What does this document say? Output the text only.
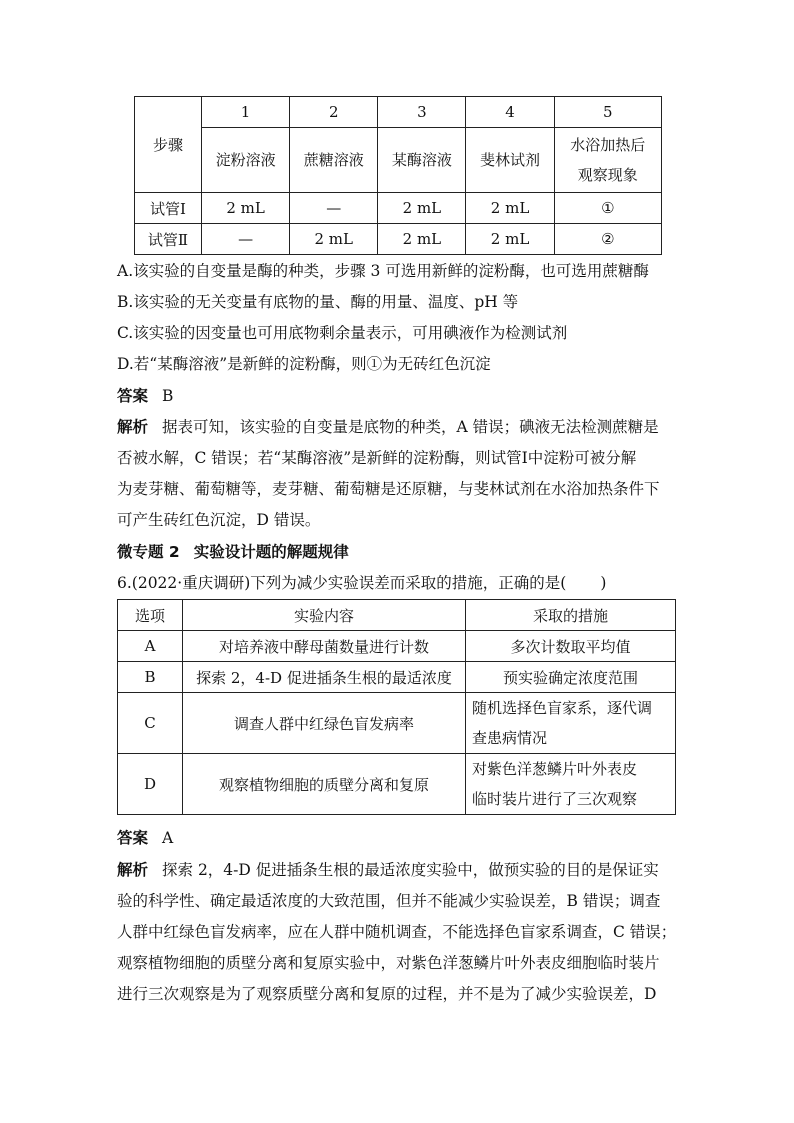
步骤	1	2	3	4	5
	淀粉溶液	蔗糖溶液	某酶溶液	斐林试剂	水浴加热后
观察现象

试管Ⅰ	2 mL	—	2 mL	2 mL	①
试管Ⅱ	—	2 mL	2 mL	2 mL	②
A.该实验的自变量是酶的种类，步骤 3 可选用新鲜的淀粉酶，也可选用蔗糖酶
B.该实验的无关变量有底物的量、酶的用量、温度、pH 等
C.该实验的因变量也可用底物剩余量表示，可用碘液作为检测试剂
D.若“某酶溶液”是新鲜的淀粉酶，则①为无砖红色沉淀
答案 B
解析 据表可知，该实验的自变量是底物的种类，A 错误；碘液无法检测蔗糖是
否被水解，C 错误；若“某酶溶液”是新鲜的淀粉酶，则试管Ⅰ中淀粉可被分解
为麦芽糖、葡萄糖等，麦芽糖、葡萄糖是还原糖，与斐林试剂在水浴加热条件下
可产生砖红色沉淀，D 错误。
微专题 2 实验设计题的解题规律
6.(2022·重庆调研)下列为减少实验误差而采取的措施，正确的是( )
选项	实验内容	采取的措施
A	对培养液中酵母菌数量进行计数	多次计数取平均值
B	探索 2，4-D 促进插条生根的最适浓度	预实验确定浓度范围
C	调查人群中红绿色盲发病率	随机选择色盲家系，逐代调
查患病情况

D	观察植物细胞的质壁分离和复原	对紫色洋葱鳞片叶外表皮
临时装片进行了三次观察
答案 A
解析 探索 2，4-D 促进插条生根的最适浓度实验中，做预实验的目的是保证实
验的科学性、确定最适浓度的大致范围，但并不能减少实验误差，B 错误；调查
人群中红绿色盲发病率，应在人群中随机调查，不能选择色盲家系调查，C 错误；
观察植物细胞的质壁分离和复原实验中，对紫色洋葱鳞片叶外表皮细胞临时装片
进行三次观察是为了观察质壁分离和复原的过程，并不是为了减少实验误差，D
